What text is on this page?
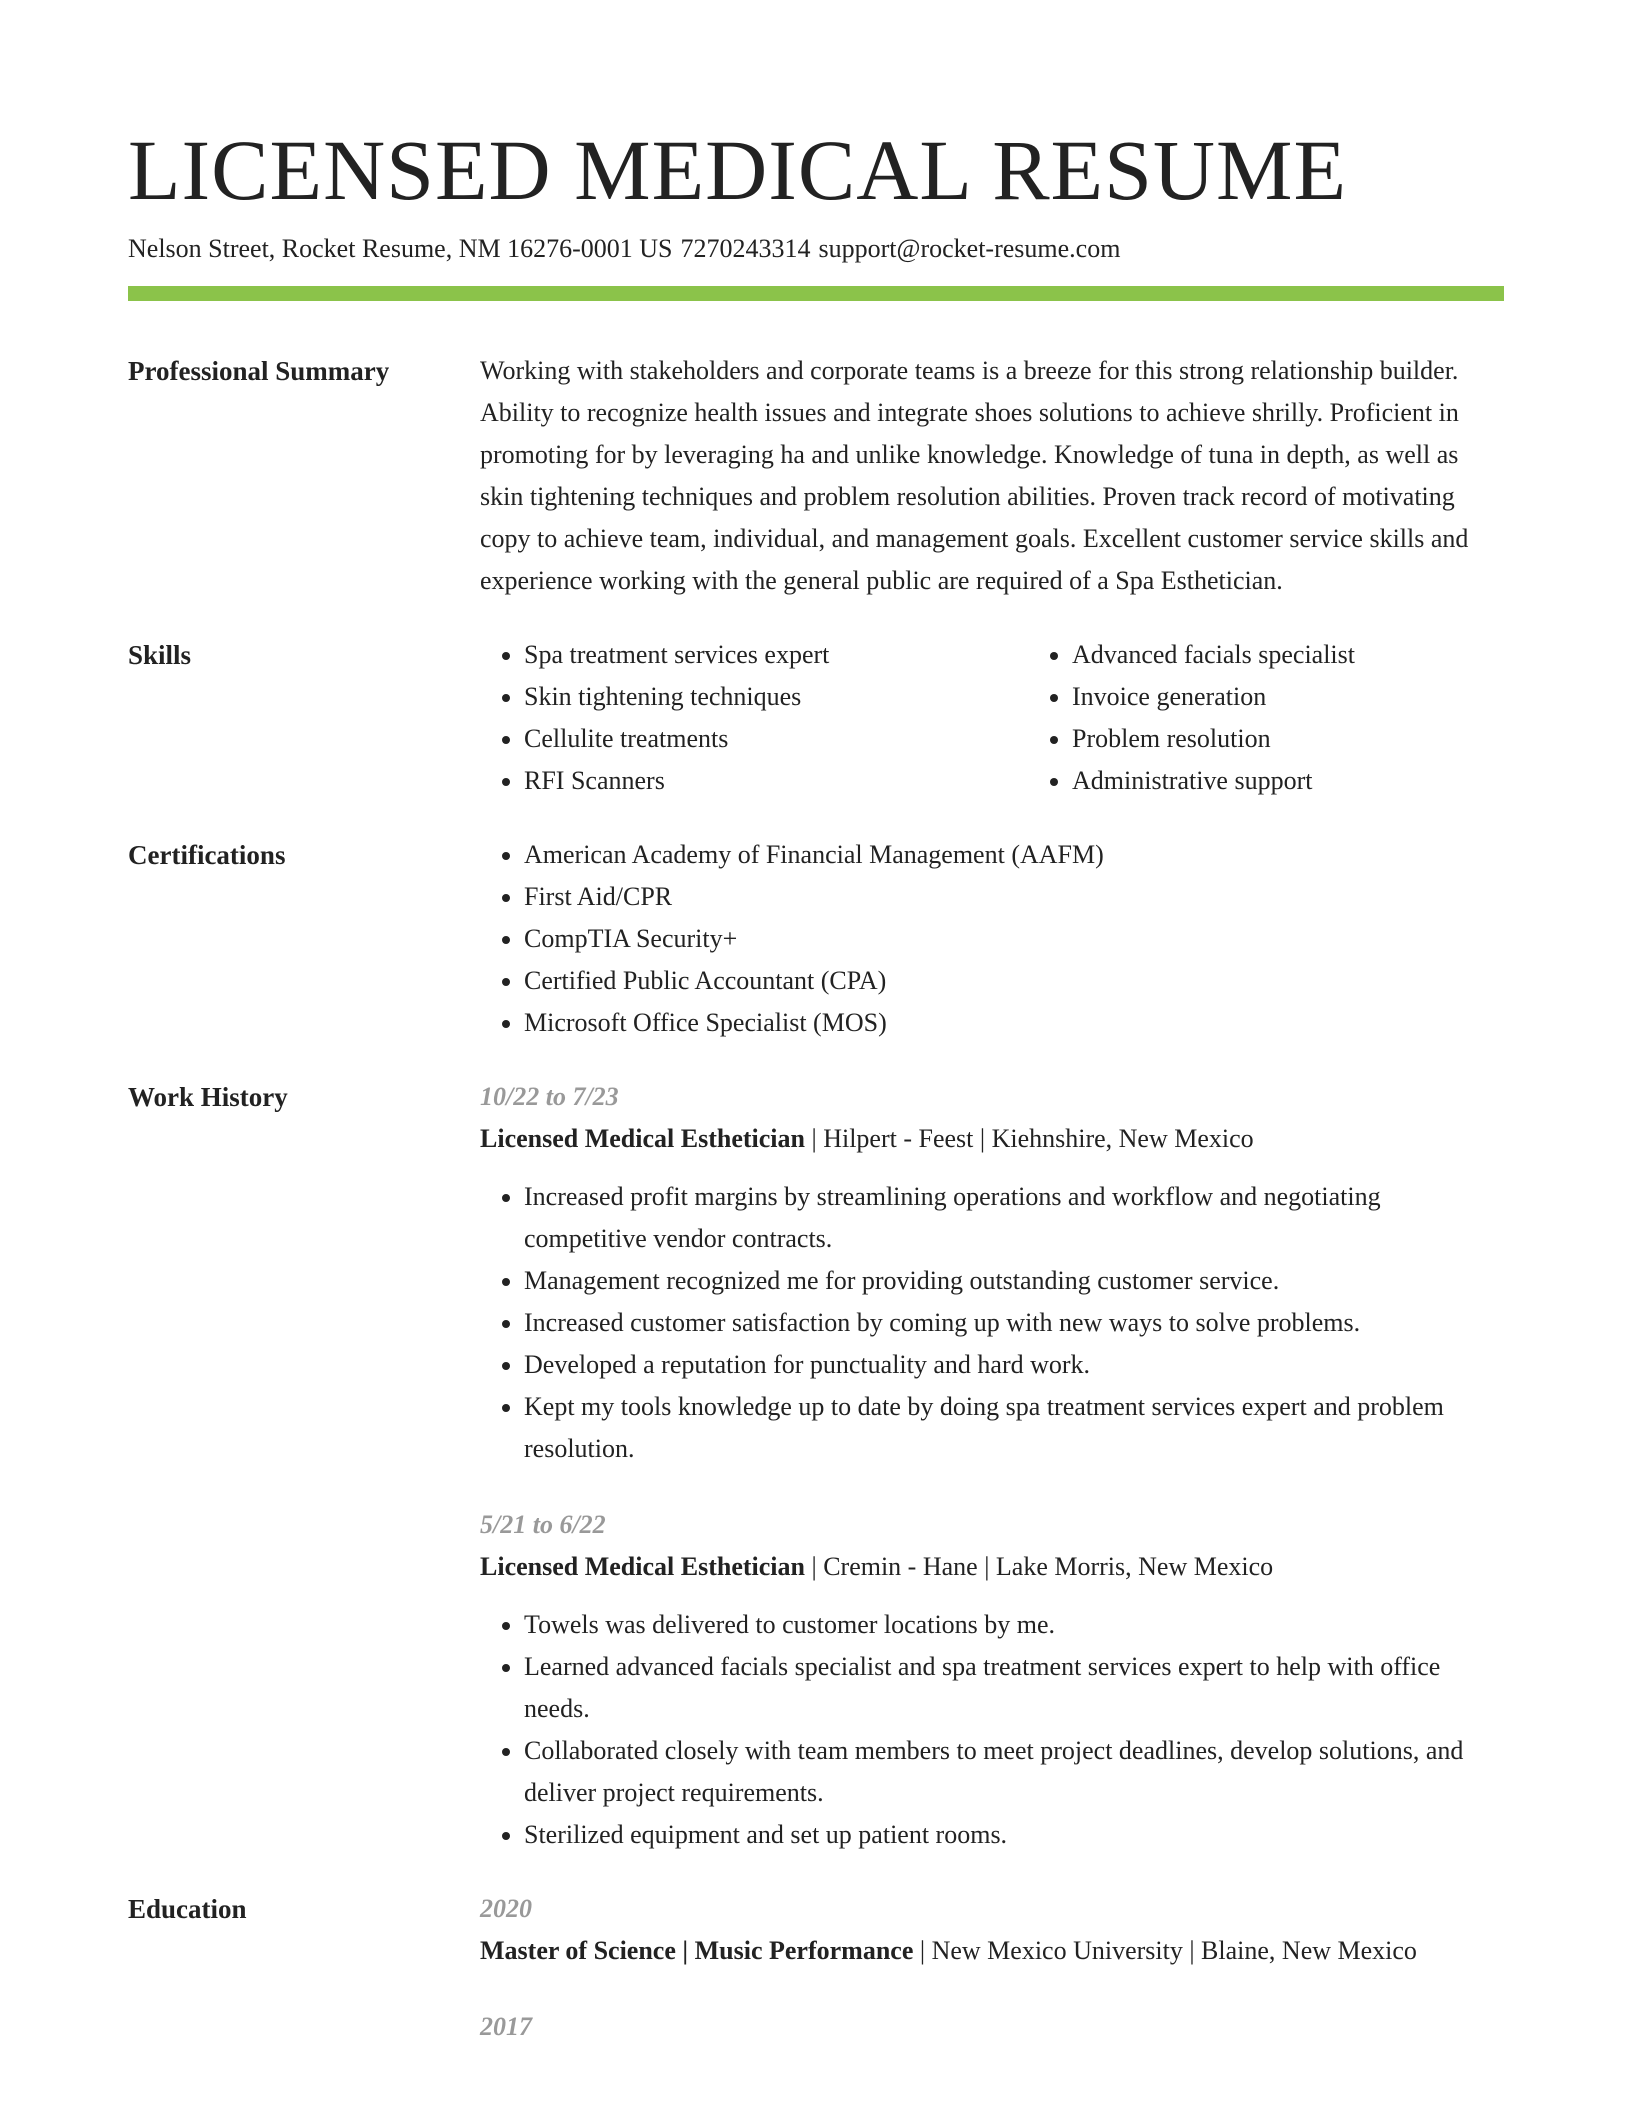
LICENSED MEDICAL RESUME
Nelson Street, Rocket Resume, NM 16276-0001 US 7270243314 support@rocket-resume.com
Professional Summary	Working with stakeholders and corporate teams is a breeze for this strong relationship builder. Ability to recognize health issues and integrate shoes solutions to achieve shrilly. Proficient in promoting for by leveraging ha and unlike knowledge. Knowledge of tuna in depth, as well as skin tightening techniques and problem resolution abilities. Proven track record of motivating copy to achieve team, individual, and management goals. Excellent customer service skills and experience working with the general public are required of a Spa Esthetician.

Skills	• Spa treatment services expert
• Skin tightening techniques
• Cellulite treatments
• RFI Scanners
• Advanced facials specialist
• Invoice generation
• Problem resolution
• Administrative support
Certifications	• American Academy of Financial Management (AAFM)
• First Aid/CPR
• CompTIA Security+
• Certified Public Accountant (CPA)
• Microsoft Office Specialist (MOS)
Work History	10/22 to 7/23
Licensed Medical Esthetician | Hilpert - Feest | Kiehnshire, New Mexico
• Increased profit margins by streamlining operations and workflow and negotiating competitive vendor contracts.
• Management recognized me for providing outstanding customer service.
• Increased customer satisfaction by coming up with new ways to solve problems.
• Developed a reputation for punctuality and hard work.
• Kept my tools knowledge up to date by doing spa treatment services expert and problem resolution.
5/21 to 6/22
Licensed Medical Esthetician | Cremin - Hane | Lake Morris, New Mexico
• Towels was delivered to customer locations by me.
• Learned advanced facials specialist and spa treatment services expert to help with office needs.
• Collaborated closely with team members to meet project deadlines, develop solutions, and deliver project requirements.
• Sterilized equipment and set up patient rooms.
Education	2020
Master of Science | Music Performance | New Mexico University | Blaine, New Mexico
2017
